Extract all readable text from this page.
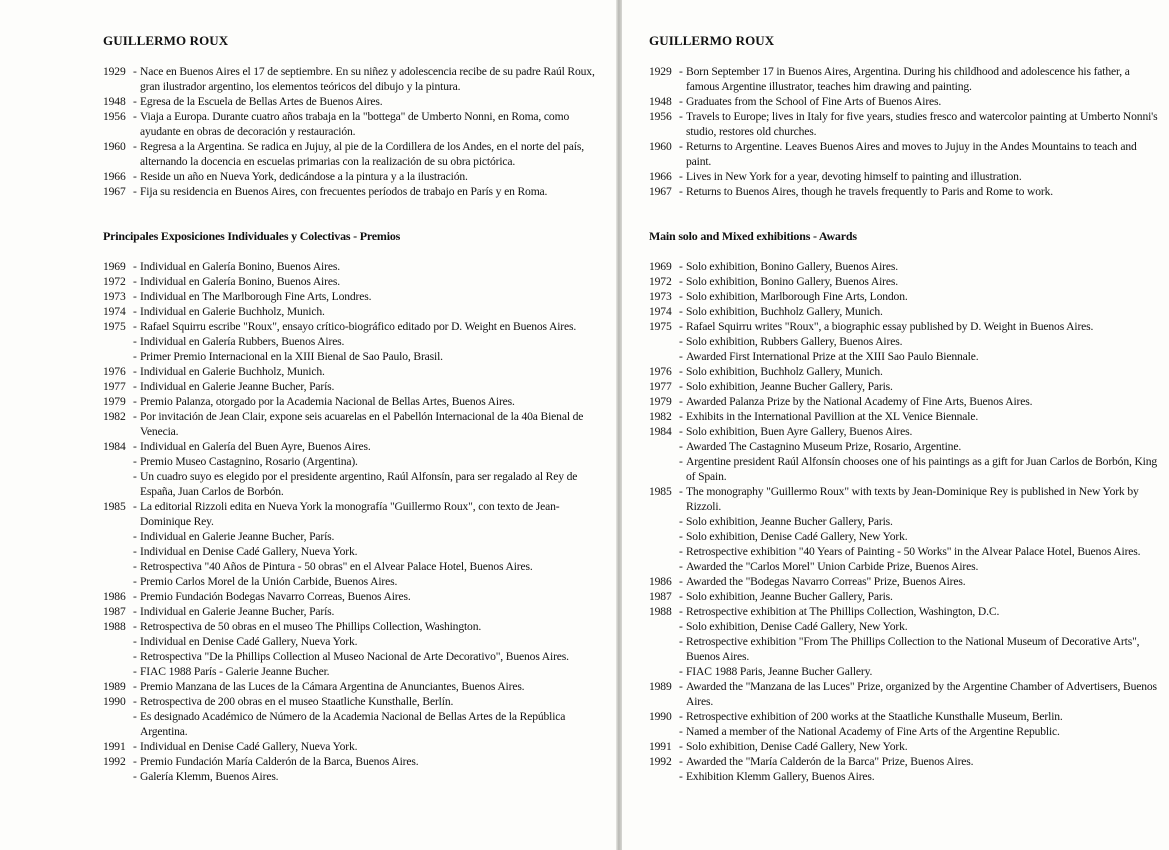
GUILLERMO ROUX
1929 - Nace en Buenos Aires el 17 de septiembre. En su niñez y adolescencia recibe de su padre Raúl Roux, gran ilustrador argentino, los elementos teóricos del dibujo y la pintura.
1948 - Egresa de la Escuela de Bellas Artes de Buenos Aires.
1956 - Viaja a Europa. Durante cuatro años trabaja en la "bottega" de Umberto Nonni, en Roma, como ayudante en obras de decoración y restauración.
1960 - Regresa a la Argentina. Se radica en Jujuy, al pie de la Cordillera de los Andes, en el norte del país, alternando la docencia en escuelas primarias con la realización de su obra pictórica.
1966 - Reside un año en Nueva York, dedicándose a la pintura y a la ilustración.
1967 - Fija su residencia en Buenos Aires, con frecuentes períodos de trabajo en París y en Roma.
Principales Exposiciones Individuales y Colectivas - Premios
1969 - Individual en Galería Bonino, Buenos Aires.
1972 - Individual en Galería Bonino, Buenos Aires.
1973 - Individual en The Marlborough Fine Arts, Londres.
1974 - Individual en Galerie Buchholz, Munich.
1975 - Rafael Squirru escribe "Roux", ensayo crítico-biográfico editado por D. Weight en Buenos Aires.
- Individual en Galería Rubbers, Buenos Aires.
- Primer Premio Internacional en la XIII Bienal de Sao Paulo, Brasil.
1976 - Individual en Galerie Buchholz, Munich.
1977 - Individual en Galerie Jeanne Bucher, París.
1979 - Premio Palanza, otorgado por la Academia Nacional de Bellas Artes, Buenos Aires.
1982 - Por invitación de Jean Clair, expone seis acuarelas en el Pabellón Internacional de la 40a Bienal de Venecia.
1984 - Individual en Galería del Buen Ayre, Buenos Aires.
- Premio Museo Castagnino, Rosario (Argentina).
- Un cuadro suyo es elegido por el presidente argentino, Raúl Alfonsín, para ser regalado al Rey de España, Juan Carlos de Borbón.
1985 - La editorial Rizzoli edita en Nueva York la monografía "Guillermo Roux", con texto de Jean-Dominique Rey.
- Individual en Galerie Jeanne Bucher, París.
- Individual en Denise Cadé Gallery, Nueva York.
- Retrospectiva "40 Años de Pintura - 50 obras" en el Alvear Palace Hotel, Buenos Aires.
- Premio Carlos Morel de la Unión Carbide, Buenos Aires.
1986 - Premio Fundación Bodegas Navarro Correas, Buenos Aires.
1987 - Individual en Galerie Jeanne Bucher, París.
1988 - Retrospectiva de 50 obras en el museo The Phillips Collection, Washington.
- Individual en Denise Cadé Gallery, Nueva York.
- Retrospectiva "De la Phillips Collection al Museo Nacional de Arte Decorativo", Buenos Aires.
- FIAC 1988 París - Galerie Jeanne Bucher.
1989 - Premio Manzana de las Luces de la Cámara Argentina de Anunciantes, Buenos Aires.
1990 - Retrospectiva de 200 obras en el museo Staatliche Kunsthalle, Berlín.
- Es designado Académico de Número de la Academia Nacional de Bellas Artes de la República Argentina.
1991 - Individual en Denise Cadé Gallery, Nueva York.
1992 - Premio Fundación María Calderón de la Barca, Buenos Aires.
- Galería Klemm, Buenos Aires.
GUILLERMO ROUX
1929 - Born September 17 in Buenos Aires, Argentina. During his childhood and adolescence his father, a famous Argentine illustrator, teaches him drawing and painting.
1948 - Graduates from the School of Fine Arts of Buenos Aires.
1956 - Travels to Europe; lives in Italy for five years, studies fresco and watercolor painting at Umberto Nonni's studio, restores old churches.
1960 - Returns to Argentine. Leaves Buenos Aires and moves to Jujuy in the Andes Mountains to teach and paint.
1966 - Lives in New York for a year, devoting himself to painting and illustration.
1967 - Returns to Buenos Aires, though he travels frequently to Paris and Rome to work.
Main solo and Mixed exhibitions - Awards
1969 - Solo exhibition, Bonino Gallery, Buenos Aires.
1972 - Solo exhibition, Bonino Gallery, Buenos Aires.
1973 - Solo exhibition, Marlborough Fine Arts, London.
1974 - Solo exhibition, Buchholz Gallery, Munich.
1975 - Rafael Squirru writes "Roux", a biographic essay published by D. Weight in Buenos Aires.
- Solo exhibition, Rubbers Gallery, Buenos Aires.
- Awarded First International Prize at the XIII Sao Paulo Biennale.
1976 - Solo exhibition, Buchholz Gallery, Munich.
1977 - Solo exhibition, Jeanne Bucher Gallery, Paris.
1979 - Awarded Palanza Prize by the National Academy of Fine Arts, Buenos Aires.
1982 - Exhibits in the International Pavillion at the XL Venice Biennale.
1984 - Solo exhibition, Buen Ayre Gallery, Buenos Aires.
- Awarded The Castagnino Museum Prize, Rosario, Argentine.
- Argentine president Raúl Alfonsín chooses one of his paintings as a gift for Juan Carlos de Borbón, King of Spain.
1985 - The monography "Guillermo Roux" with texts by Jean-Dominique Rey is published in New York by Rizzoli.
- Solo exhibition, Jeanne Bucher Gallery, Paris.
- Solo exhibition, Denise Cadé Gallery, New York.
- Retrospective exhibition "40 Years of Painting - 50 Works" in the Alvear Palace Hotel, Buenos Aires.
- Awarded the "Carlos Morel" Union Carbide Prize, Buenos Aires.
1986 - Awarded the "Bodegas Navarro Correas" Prize, Buenos Aires.
1987 - Solo exhibition, Jeanne Bucher Gallery, Paris.
1988 - Retrospective exhibition at The Phillips Collection, Washington, D.C.
- Solo exhibition, Denise Cadé Gallery, New York.
- Retrospective exhibition "From The Phillips Collection to the National Museum of Decorative Arts", Buenos Aires.
- FIAC 1988 Paris, Jeanne Bucher Gallery.
1989 - Awarded the "Manzana de las Luces" Prize, organized by the Argentine Chamber of Advertisers, Buenos Aires.
1990 - Retrospective exhibition of 200 works at the Staatliche Kunsthalle Museum, Berlin.
- Named a member of the National Academy of Fine Arts of the Argentine Republic.
1991 - Solo exhibition, Denise Cadé Gallery, New York.
1992 - Awarded the "María Calderón de la Barca" Prize, Buenos Aires.
- Exhibition Klemm Gallery, Buenos Aires.
